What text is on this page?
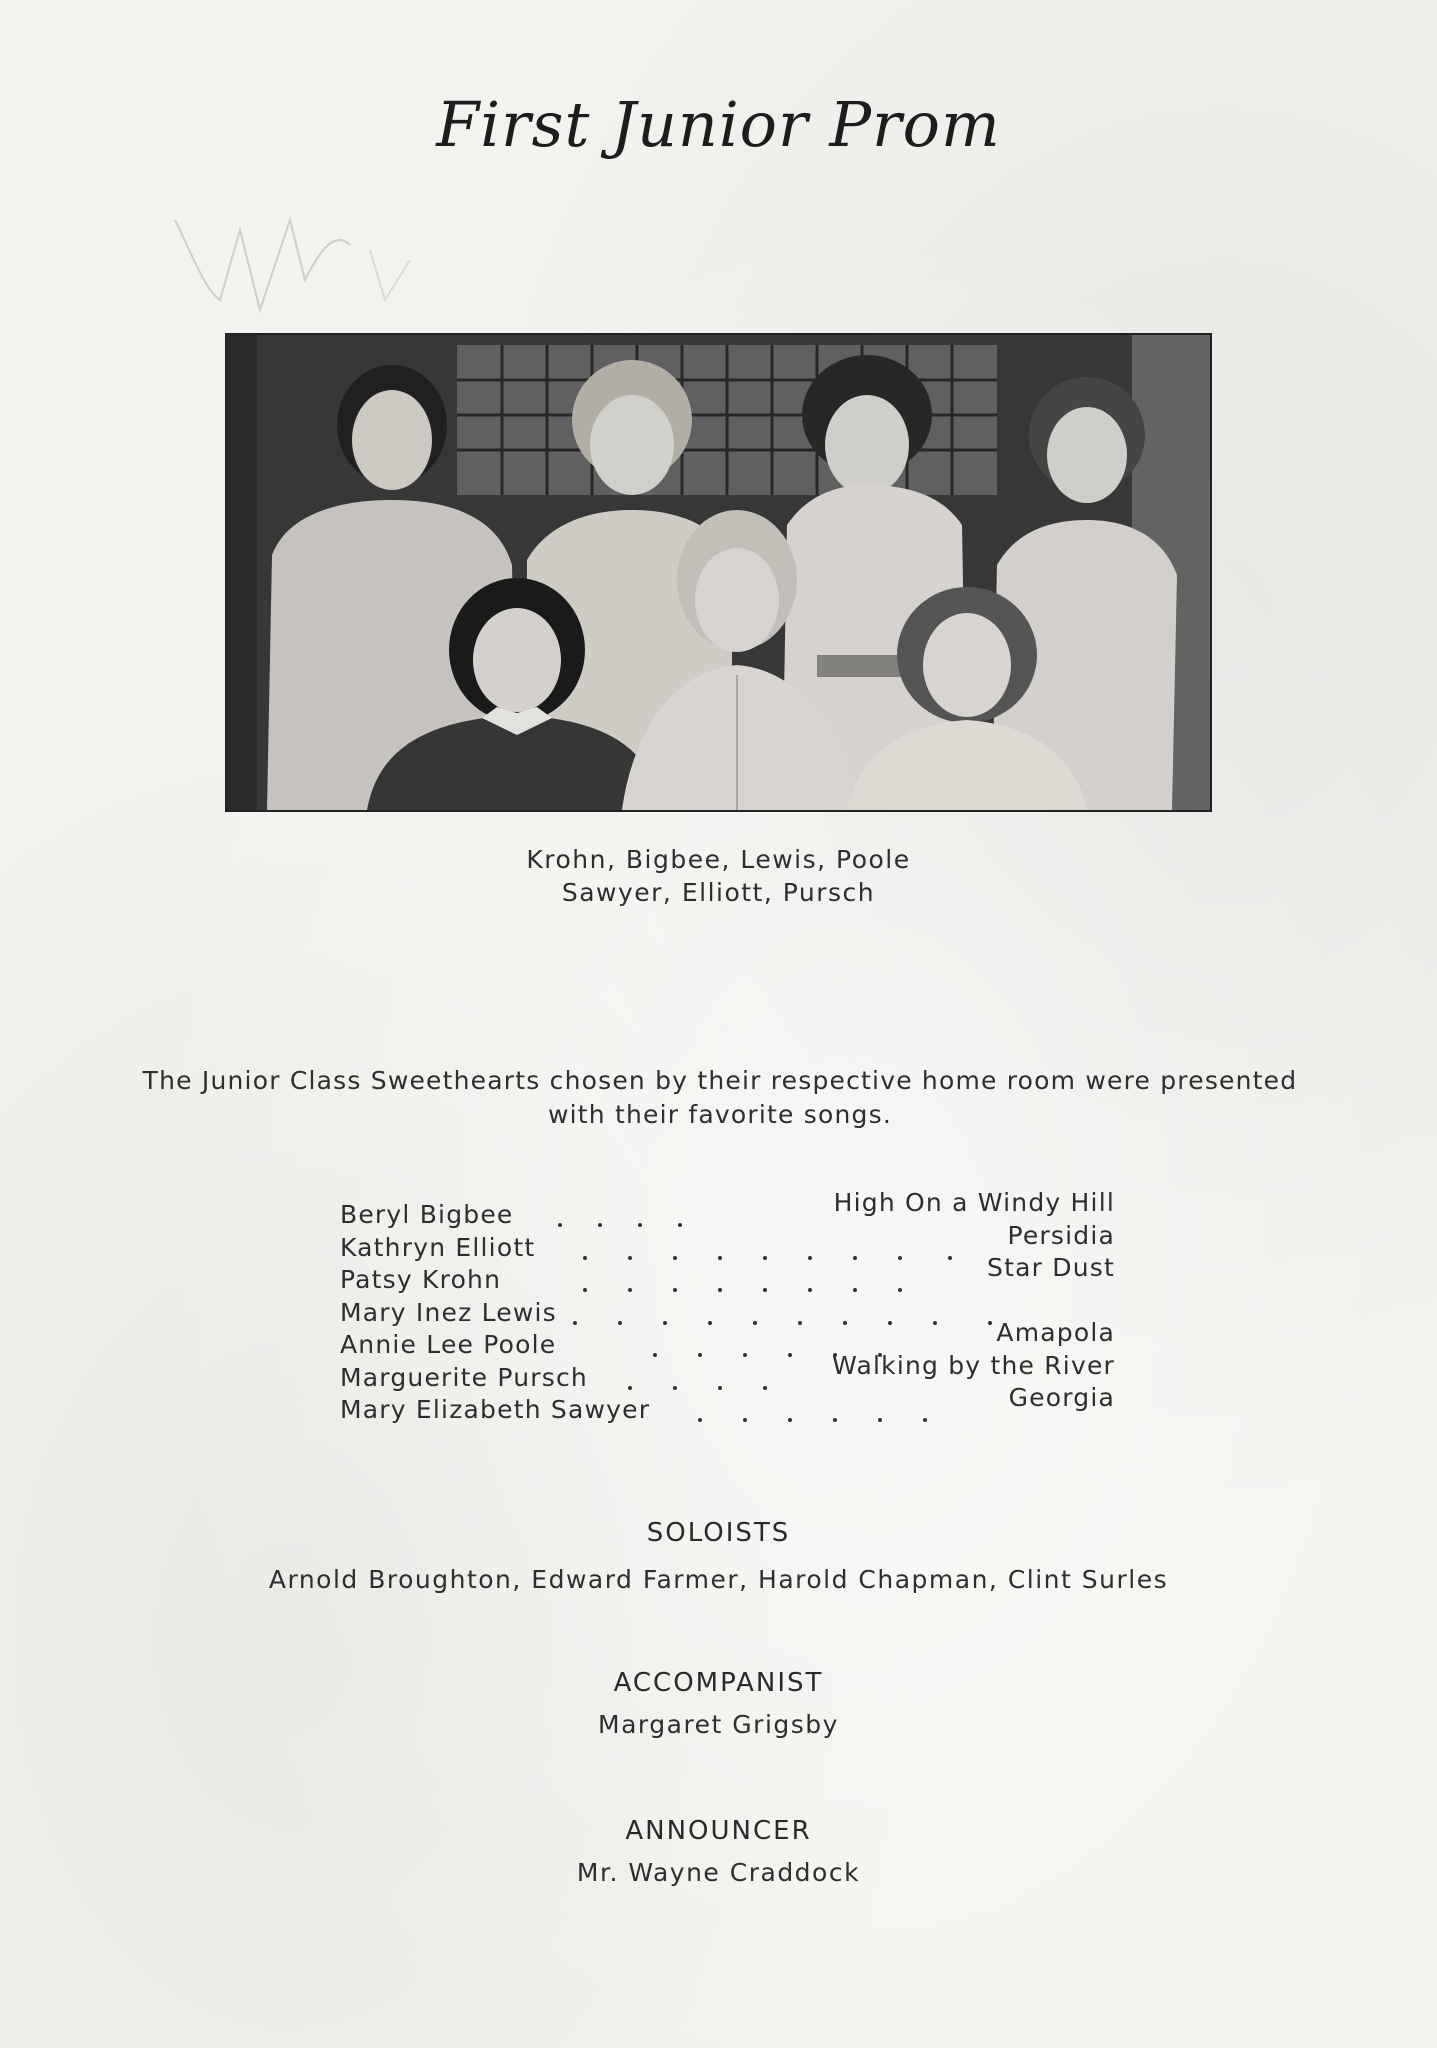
First Junior Prom
Krohn, Bigbee, Lewis, Poole
Sawyer, Elliott, Pursch
The Junior Class Sweethearts chosen by their respective home room were presented
with their favorite songs.
Beryl Bigbee	High On a Windy Hill
Kathryn Elliott	Persidia
Patsy Krohn	Star Dust
Mary Inez Lewis
Annie Lee Poole	Amapola
Marguerite Pursch	Walking by the River
Mary Elizabeth Sawyer	Georgia
SOLOISTS
Arnold Broughton, Edward Farmer, Harold Chapman, Clint Surles
ACCOMPANIST
Margaret Grigsby
ANNOUNCER
Mr. Wayne Craddock
